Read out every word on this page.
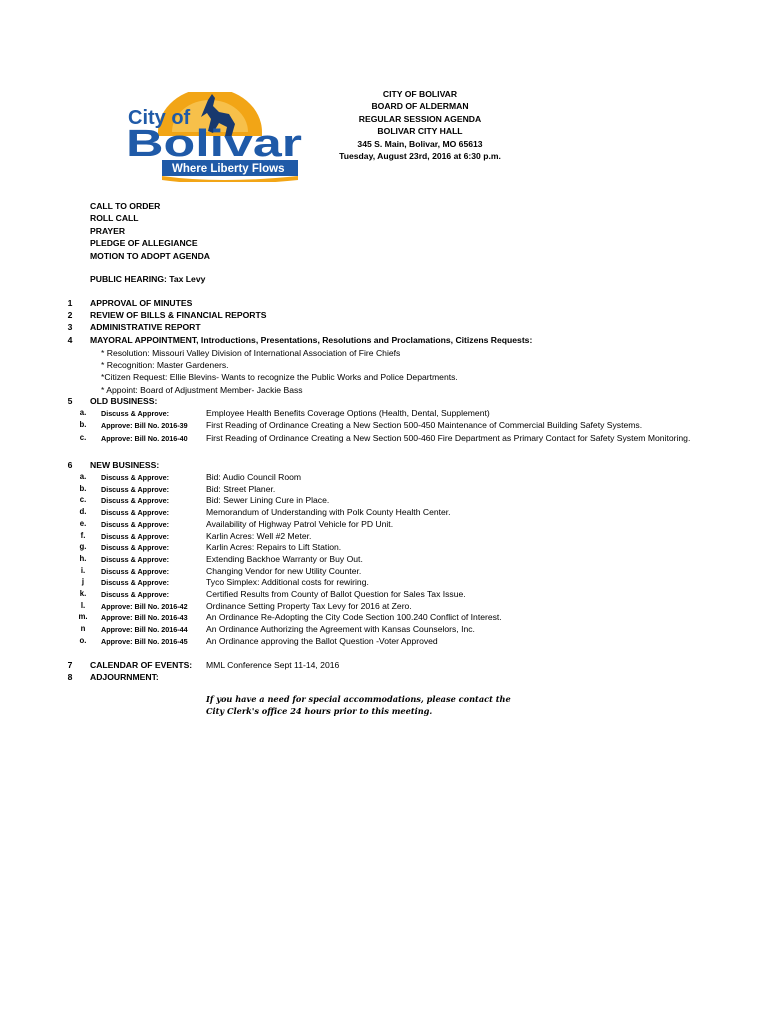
City of
Bolivar
Where Liberty Flows
CITY OF BOLIVAR
BOARD OF ALDERMAN
REGULAR SESSION AGENDA
BOLIVAR CITY HALL
345 S. Main, Bolivar, MO 65613
Tuesday, August 23rd, 2016 at 6:30 p.m.
CALL TO ORDER
ROLL CALL
PRAYER
PLEDGE OF ALLEGIANCE
MOTION TO ADOPT AGENDA
PUBLIC HEARING: Tax Levy
1	APPROVAL OF MINUTES
2	REVIEW OF BILLS & FINANCIAL REPORTS
3	ADMINISTRATIVE REPORT
4	MAYORAL APPOINTMENT, Introductions, Presentations, Resolutions and Proclamations, Citizens Requests:
* Resolution: Missouri Valley Division of International Association of Fire Chiefs
* Recognition: Master Gardeners.
*Citizen Request: Ellie Blevins- Wants to recognize the Public Works and Police Departments.
* Appoint: Board of Adjustment Member- Jackie Bass
5	OLD BUSINESS:
a.	Discuss & Approve:	Employee Health Benefits Coverage Options (Health, Dental, Supplement)
b.	Approve: Bill No. 2016-39 First Reading of Ordinance Creating a New Section 500-450 Maintenance of Commercial Building Safety Systems.
c.	Approve: Bill No. 2016-40 First Reading of Ordinance Creating a New Section 500-460 Fire Department as Primary Contact for Safety System Monitoring.
6	NEW BUSINESS:
a.	Discuss & Approve:	Bid: Audio Council Room
b.	Discuss & Approve:	Bid: Street Planer.
c.	Discuss & Approve:	Bid: Sewer Lining Cure in Place.
d.	Discuss & Approve:	Memorandum of Understanding with Polk County Health Center.
e.	Discuss & Approve:	Availability of Highway Patrol Vehicle for PD Unit.
f.	Discuss & Approve:	Karlin Acres: Well #2 Meter.
g.	Discuss & Approve:	Karlin Acres: Repairs to Lift Station.
h.	Discuss & Approve:	Extending Backhoe Warranty or Buy Out.
i.	Discuss & Approve:	Changing Vendor for new Utility Counter.
j	Discuss & Approve:	Tyco Simplex: Additional costs for rewiring.
k.	Discuss & Approve:	Certified Results from County of Ballot Question for Sales Tax Issue.
l.	Approve: Bill No. 2016-42 Ordinance Setting Property Tax Levy for 2016 at Zero.
m.	Approve: Bill No. 2016-43 An Ordinance Re-Adopting the City Code Section 100.240 Conflict of Interest.
n	Approve: Bill No. 2016-44 An Ordinance Authorizing the Agreement with Kansas Counselors, Inc.
o.	Approve: Bill No. 2016-45 An Ordinance approving the Ballot Question -Voter Approved
7	CALENDAR OF EVENTS: MML Conference Sept 11-14, 2016
8	ADJOURNMENT:
If you have a need for special accommodations, please contact the
City Clerk's office 24 hours prior to this meeting.
